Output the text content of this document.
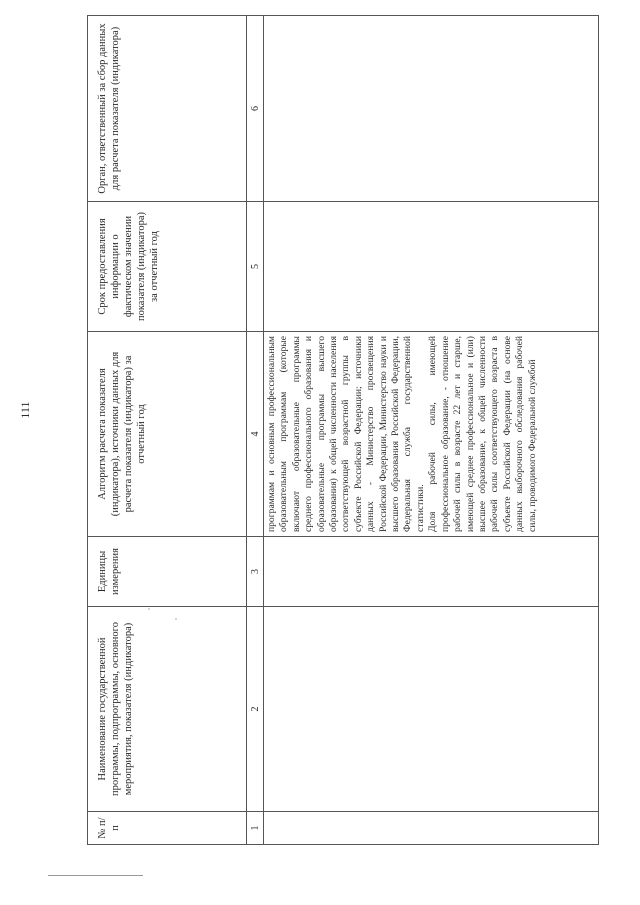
111
№ п/п	Наименование государственной программы, подпрограммы, основного мероприятия, показателя (индикатора)	Единицы измерения	Алгоритм расчета показателя (индикатора), источники данных для расчета показателя (индикатора) за отчетный год	Срок предоставления информации о фактическом значении показателя (индикатора) за отчетный год	Орган, ответственный за сбор данных для расчета показателя (индикатора)
1	2	3	4	5	6

			программам и основным профессиональным образовательным программам (которые включают образовательные программы среднего профессионального образования и образовательные программы высшего образования) к общей численности населения соответствующей возрастной группы в субъекте Российской Федерации; источники данных - Министерство просвещения Российской Федерации, Министерство науки и высшего образования Российской Федерации, Федеральная служба государственной статистики. Доля рабочей силы, имеющей профессиональное образование, - отношение рабочей силы в возрасте 22 лет и старше, имеющей среднее профессиональное и (или) высшее образование, к общей численности рабочей силы соответствующего возраста в субъекте Российской Федерации (на основе данных выборочного обследования рабочей силы, проводимого Федеральной службой		
